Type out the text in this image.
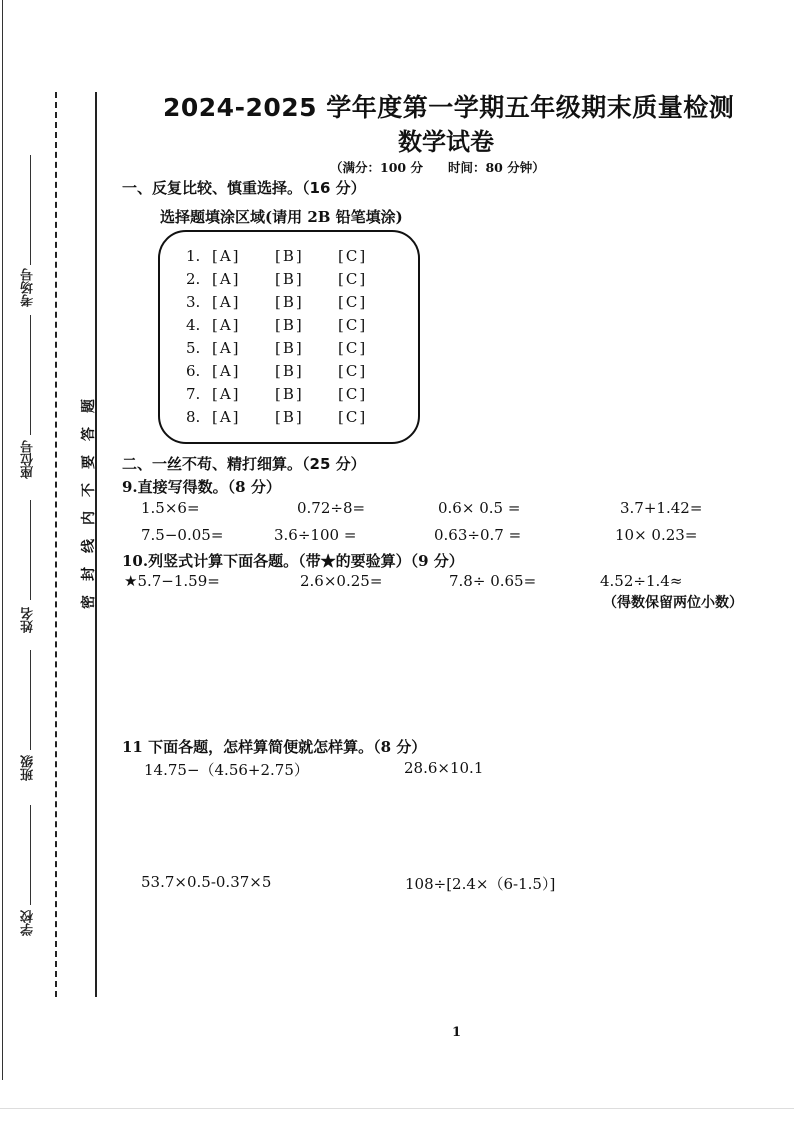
考场号
座位号
姓名
班级
学校
题
答
要
不
内
线
封
密
2024-2025 学年度第一学期五年级期末质量检测
数学试卷
（满分：100 分　　时间：80 分钟）
一、反复比较、慎重选择。（16 分）
选择题填涂区域(请用 2B 铅笔填涂)
1. [A]	[B]	[C]
2. [A]	[B]	[C]
3. [A]	[B]	[C]
4. [A]	[B]	[C]
5. [A]	[B]	[C]
6. [A]	[B]	[C]
7. [A]	[B]	[C]
8. [A]	[B]	[C]
二、一丝不苟、精打细算。（25 分）
9.直接写得数。（8 分）
1.5×6=	0.72÷8=	0.6× 0.5 =	3.7+1.42=
7.5−0.05=	3.6÷100 =	0.63÷0.7 =	10× 0.23=
10.列竖式计算下面各题。（带★的要验算）（9 分）
★5.7−1.59=	2.6×0.25=	7.8÷ 0.65=	4.52÷1.4≈
（得数保留两位小数）
11 下面各题，怎样算简便就怎样算。（8 分）
14.75−（4.56+2.75）	28.6×10.1
53.7×0.5-0.37×5	108÷[2.4×（6-1.5）]
1
